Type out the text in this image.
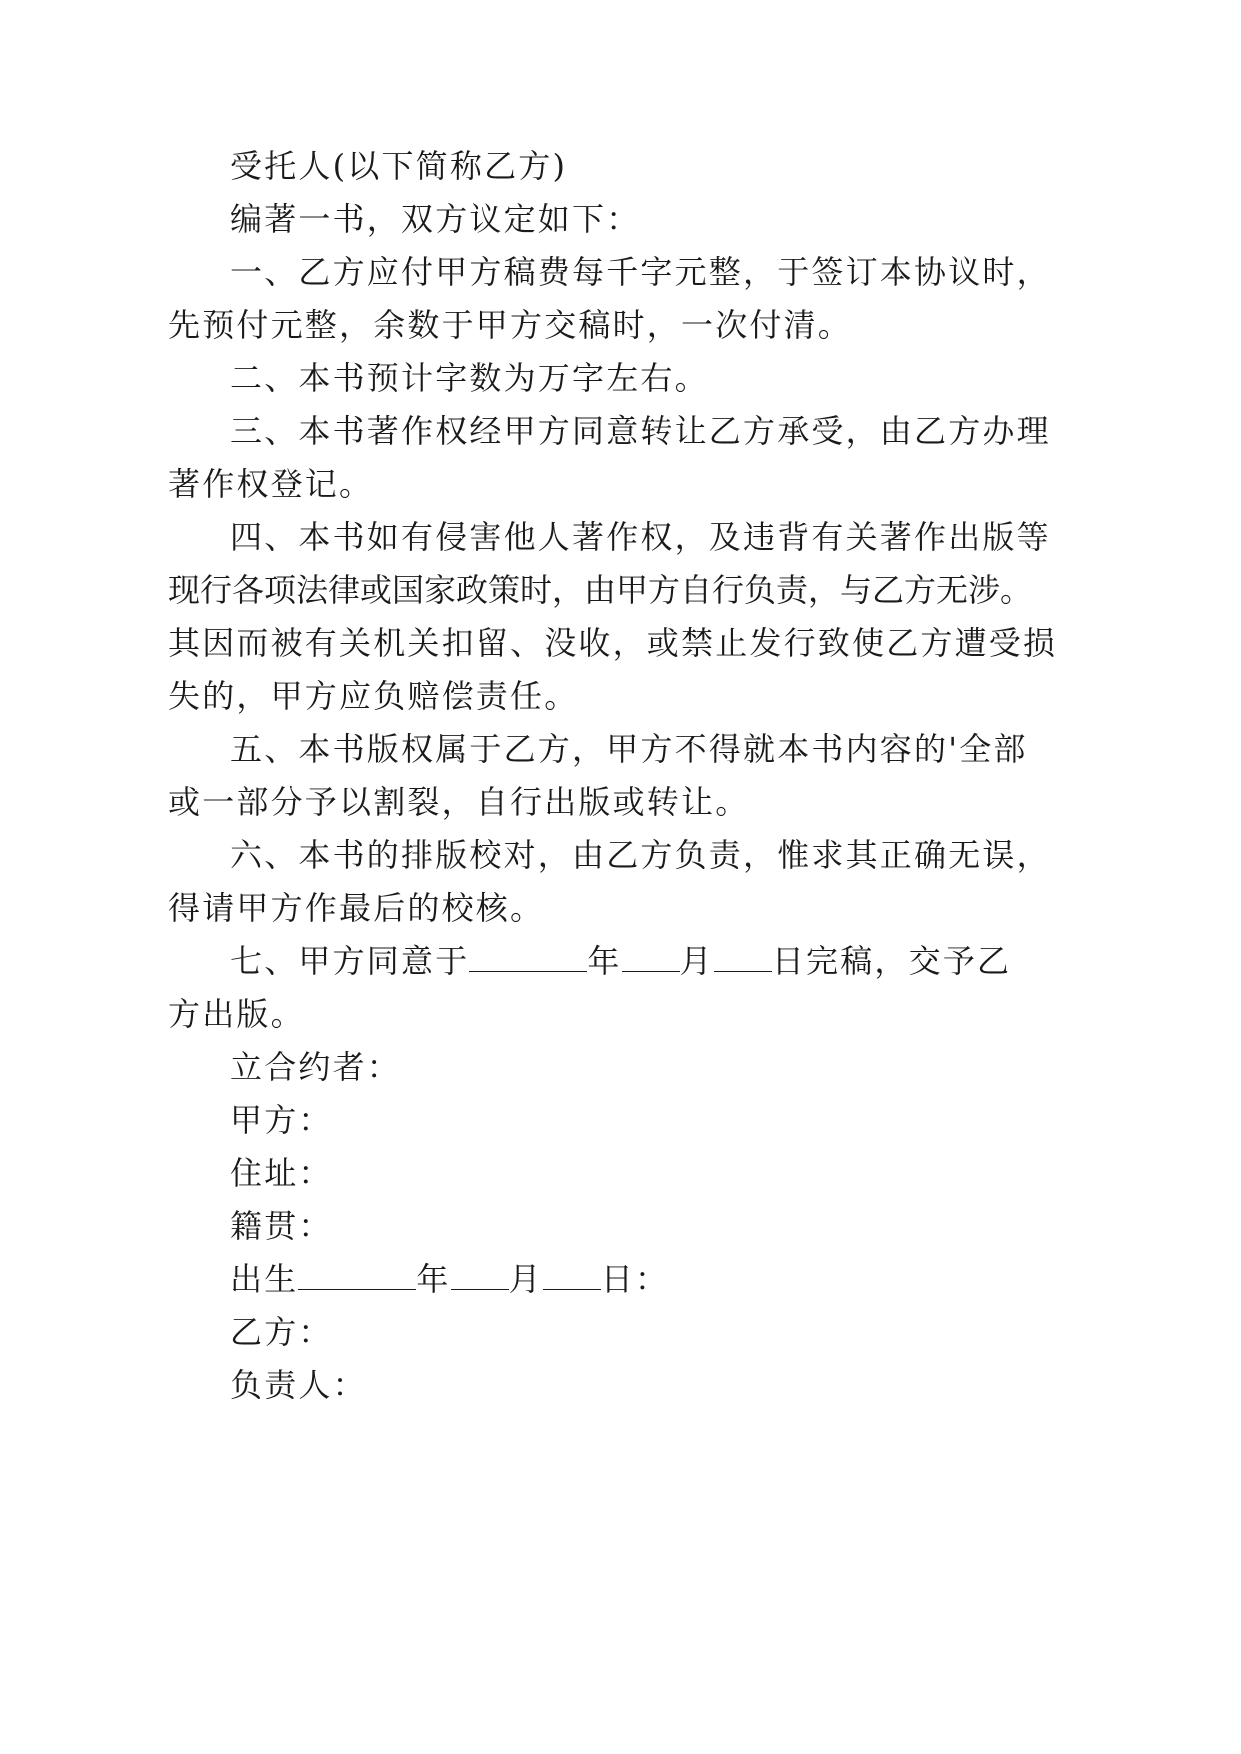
受托人(以下简称乙方)
编著一书，双方议定如下：
一、乙方应付甲方稿费每千字元整，于签订本协议时，
先预付元整，余数于甲方交稿时，一次付清。
二、本书预计字数为万字左右。
三、本书著作权经甲方同意转让乙方承受，由乙方办理
著作权登记。
四、本书如有侵害他人著作权，及违背有关著作出版等
现行各项法律或国家政策时，由甲方自行负责，与乙方无涉。
其因而被有关机关扣留、没收，或禁止发行致使乙方遭受损
失的，甲方应负赔偿责任。
五、本书版权属于乙方，甲方不得就本书内容的'全部
或一部分予以割裂，自行出版或转让。
六、本书的排版校对，由乙方负责，惟求其正确无误，
得请甲方作最后的校核。
七、甲方同意于	年 月 日完稿，交予乙
方出版。
立合约者：
甲方：
住址：
籍贯：
出生	年 月 日：
乙方：
负责人：
